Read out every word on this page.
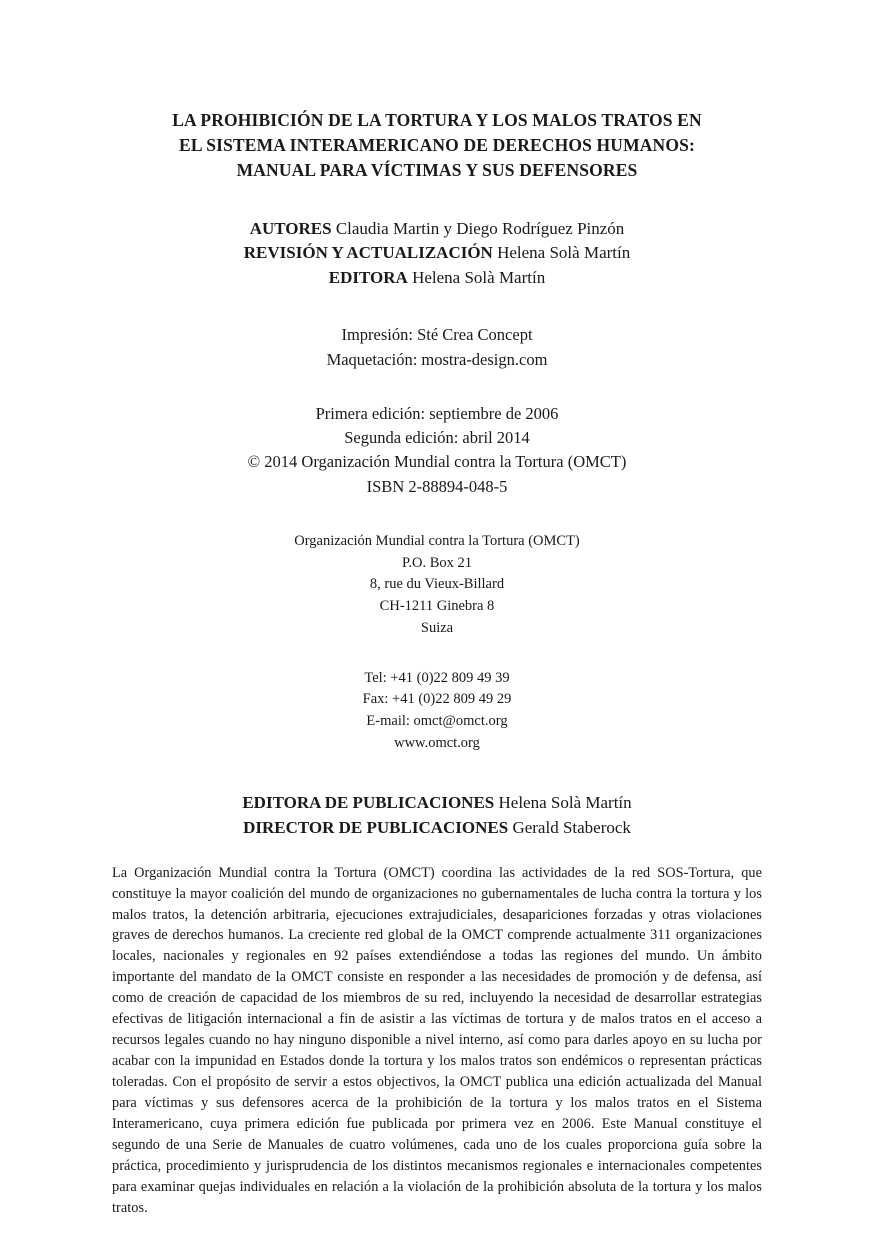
LA PROHIBICIÓN DE LA TORTURA Y LOS MALOS TRATOS EN
EL SISTEMA INTERAMERICANO DE DERECHOS HUMANOS:
MANUAL PARA VÍCTIMAS Y SUS DEFENSORES
AUTORES Claudia Martin y Diego Rodríguez Pinzón
REVISIÓN Y ACTUALIZACIÓN Helena Solà Martín
EDITORA Helena Solà Martín
Impresión: Sté Crea Concept
Maquetación: mostra-design.com
Primera edición: septiembre de 2006
Segunda edición: abril 2014
© 2014 Organización Mundial contra la Tortura (OMCT)
ISBN 2-88894-048-5
Organización Mundial contra la Tortura (OMCT)
P.O. Box 21
8, rue du Vieux-Billard
CH-1211 Ginebra 8
Suiza
Tel: +41 (0)22 809 49 39
Fax: +41 (0)22 809 49 29
E-mail: omct@omct.org
www.omct.org
EDITORA DE PUBLICACIONES Helena Solà Martín
DIRECTOR DE PUBLICACIONES Gerald Staberock
La Organización Mundial contra la Tortura (OMCT) coordina las actividades de la red SOS-Tortura, que constituye la mayor coalición del mundo de organizaciones no gubernamentales de lucha contra la tortura y los malos tratos, la detención arbitraria, ejecuciones extrajudiciales, desapariciones forzadas y otras violaciones graves de derechos humanos. La creciente red global de la OMCT comprende actualmente 311 organizaciones locales, nacionales y regionales en 92 países extendiéndose a todas las regiones del mundo. Un ámbito importante del mandato de la OMCT consiste en responder a las necesidades de promoción y de defensa, así como de creación de capacidad de los miembros de su red, incluyendo la necesidad de desarrollar estrategias efectivas de litigación internacional a fin de asistir a las víctimas de tortura y de malos tratos en el acceso a recursos legales cuando no hay ninguno disponible a nivel interno, así como para darles apoyo en su lucha por acabar con la impunidad en Estados donde la tortura y los malos tratos son endémicos o representan prácticas toleradas. Con el propósito de servir a estos objectivos, la OMCT publica una edición actualizada del Manual para víctimas y sus defensores acerca de la prohibición de la tortura y los malos tratos en el Sistema Interamericano, cuya primera edición fue publicada por primera vez en 2006. Este Manual constituye el segundo de una Serie de Manuales de cuatro volúmenes, cada uno de los cuales proporciona guía sobre la práctica, procedimiento y jurisprudencia de los distintos mecanismos regionales e internacionales competentes para examinar quejas individuales en relación a la violación de la prohibición absoluta de la tortura y los malos tratos.
